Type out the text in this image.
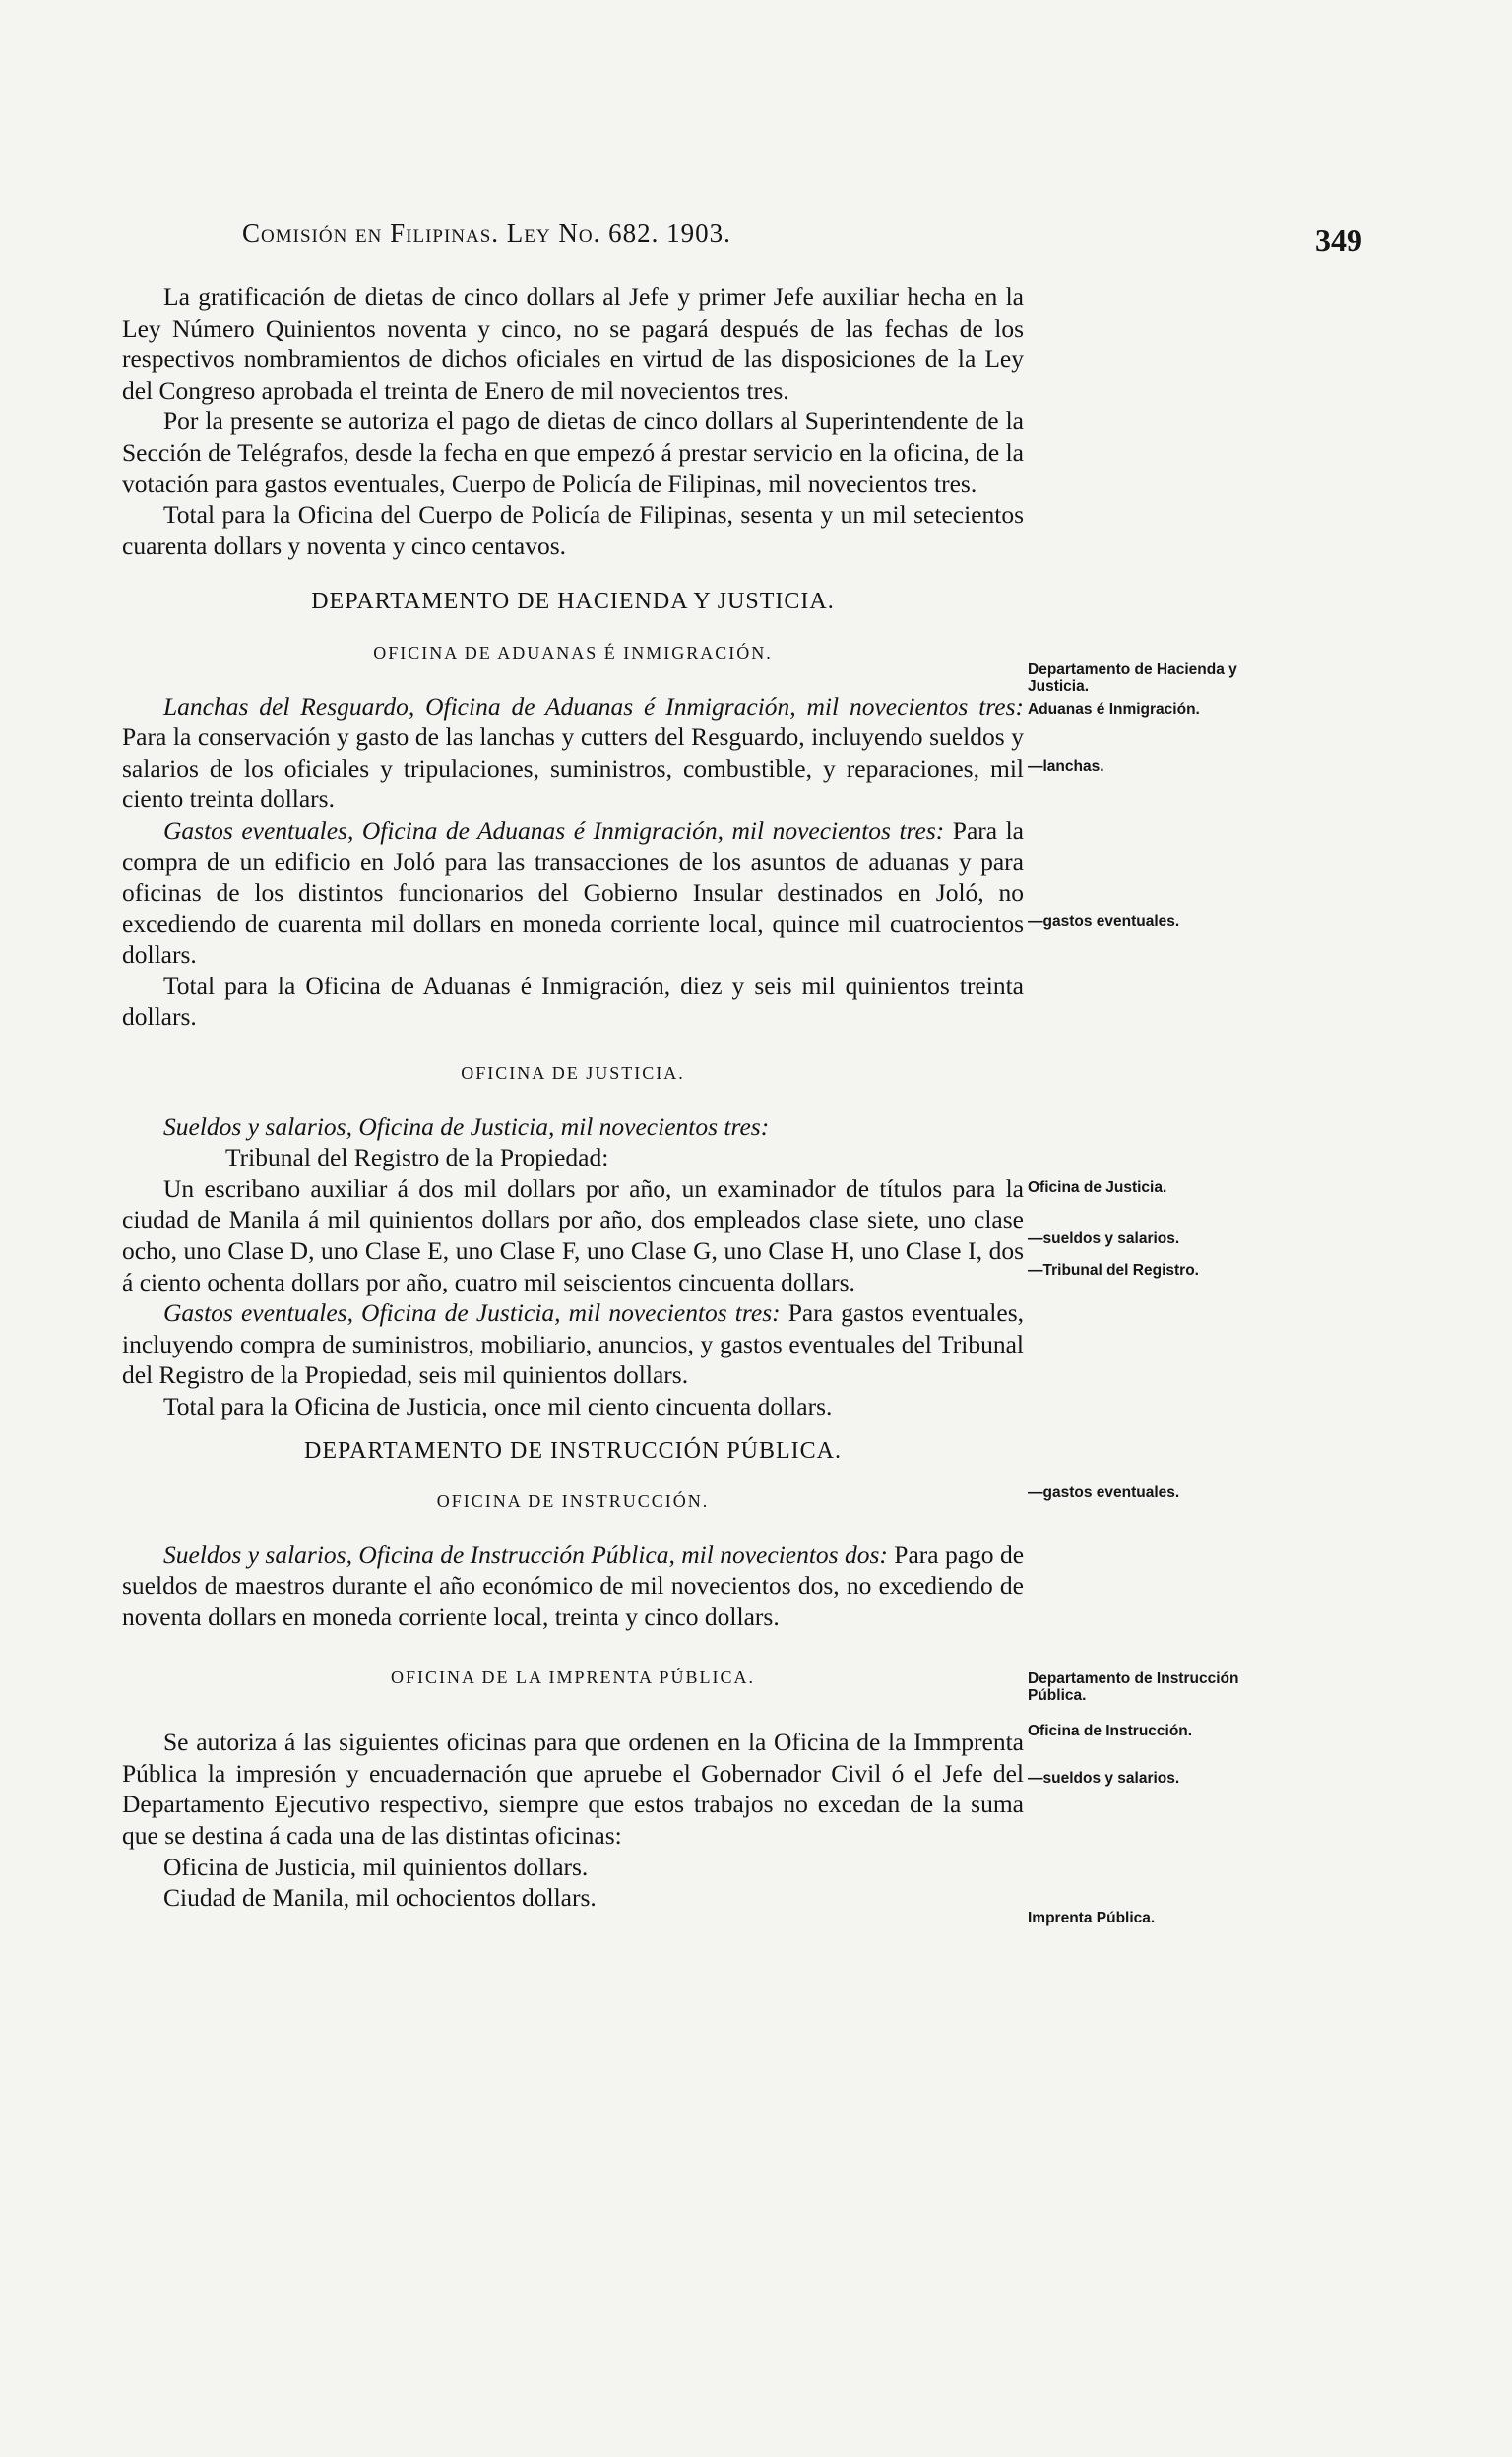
Comisión en Filipinas. Ley No. 682. 1903.	349

La gratificación de dietas de cinco dollars al Jefe y primer Jefe auxiliar hecha en la Ley Número Quinientos noventa y cinco, no se pagará después de las fechas de los respectivos nombramientos de dichos oficiales en virtud de las disposiciones de la Ley del Congreso aprobada el treinta de Enero de mil novecientos tres.

Por la presente se autoriza el pago de dietas de cinco dollars al Superintendente de la Sección de Telégrafos, desde la fecha en que empezó á prestar servicio en la oficina, de la votación para gastos eventuales, Cuerpo de Policía de Filipinas, mil novecientos tres.

Total para la Oficina del Cuerpo de Policía de Filipinas, sesenta y un mil setecientos cuarenta dollars y noventa y cinco centavos.

DEPARTAMENTO DE HACIENDA Y JUSTICIA.
OFICINA DE ADUANAS É INMIGRACIÓN.

Lanchas del Resguardo, Oficina de Aduanas é Inmigración, mil novecientos tres: Para la conservación y gasto de las lanchas y cutters del Resguardo, incluyendo sueldos y salarios de los oficiales y tripulaciones, suministros, combustible, y reparaciones, mil ciento treinta dollars.

Gastos eventuales, Oficina de Aduanas é Inmigración, mil novecientos tres: Para la compra de un edificio en Joló para las transacciones de los asuntos de aduanas y para oficinas de los distintos funcionarios del Gobierno Insular destinados en Joló, no excediendo de cuarenta mil dollars en moneda corriente local, quince mil cuatrocientos dollars.

Total para la Oficina de Aduanas é Inmigración, diez y seis mil quinientos treinta dollars.

OFICINA DE JUSTICIA.

Sueldos y salarios, Oficina de Justicia, mil novecientos tres:

Tribunal del Registro de la Propiedad:

Un escribano auxiliar á dos mil dollars por año, un examinador de títulos para la ciudad de Manila á mil quinientos dollars por año, dos empleados clase siete, uno clase ocho, uno Clase D, uno Clase E, uno Clase F, uno Clase G, uno Clase H, uno Clase I, dos á ciento ochenta dollars por año, cuatro mil seiscientos cincuenta dollars.

Gastos eventuales, Oficina de Justicia, mil novecientos tres: Para gastos eventuales, incluyendo compra de suministros, mobiliario, anuncios, y gastos eventuales del Tribunal del Registro de la Propiedad, seis mil quinientos dollars.

Total para la Oficina de Justicia, once mil ciento cincuenta dollars.

DEPARTAMENTO DE INSTRUCCIÓN PÚBLICA.
OFICINA DE INSTRUCCIÓN.

Sueldos y salarios, Oficina de Instrucción Pública, mil novecientos dos: Para pago de sueldos de maestros durante el año económico de mil novecientos dos, no excediendo de noventa dollars en moneda corriente local, treinta y cinco dollars.

OFICINA DE LA IMPRENTA PÚBLICA.

Se autoriza á las siguientes oficinas para que ordenen en la Oficina de la Immprenta Pública la impresión y encuadernación que apruebe el Gobernador Civil ó el Jefe del Departamento Ejecutivo respectivo, siempre que estos trabajos no excedan de la suma que se destina á cada una de las distintas oficinas:

Oficina de Justicia, mil quinientos dollars.

Ciudad de Manila, mil ochocientos dollars.

Departamento de Hacienda y Justicia.
Aduanas é Inmigración.
—lanchas.
—gastos eventuales.
Oficina de Justicia.
—sueldos y salarios.
—Tribunal del Registro.
—gastos eventuales.
Departamento de Instrucción Pública.
Oficina de Instrucción.
—sueldos y salarios.
Imprenta Pública.
